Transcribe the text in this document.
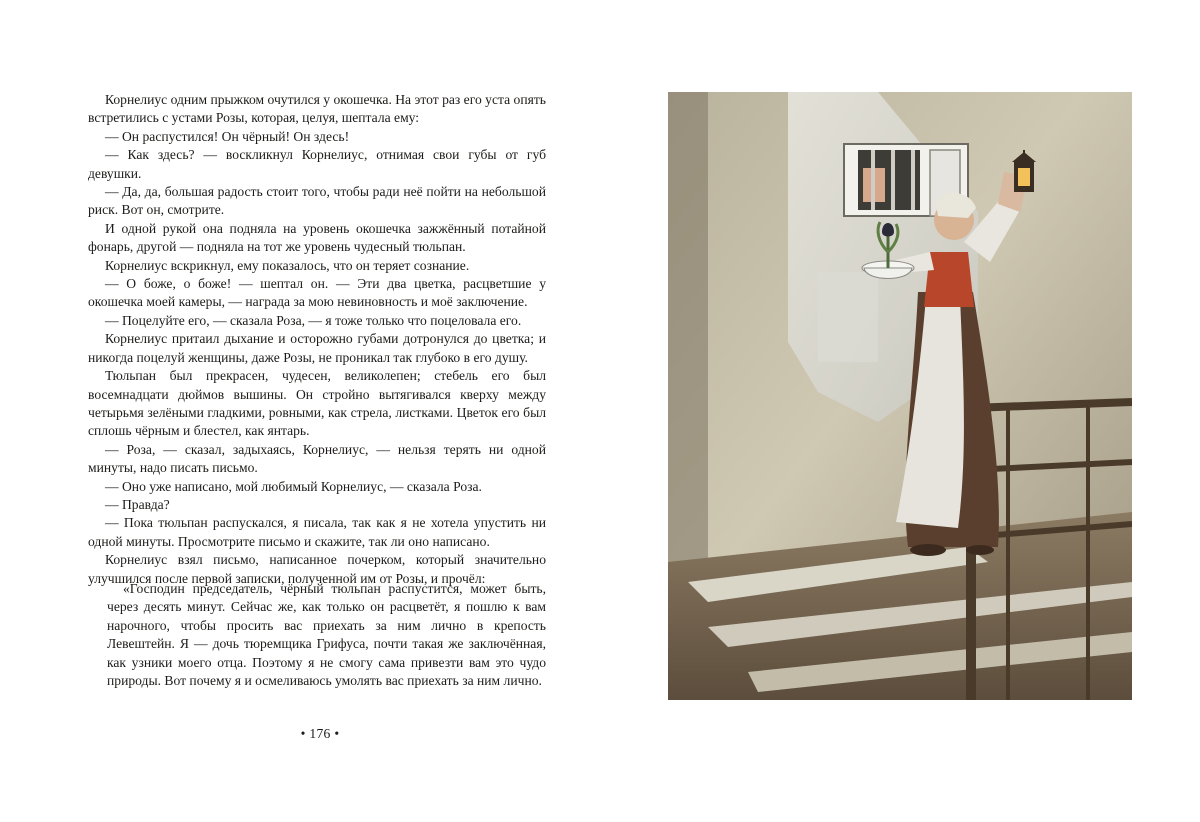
Корнелиус одним прыжком очутился у окошечка. На этот раз его уста опять встретились с устами Розы, которая, целуя, шептала ему:

— Он распустился! Он чёрный! Он здесь!

— Как здесь? — воскликнул Корнелиус, отнимая свои губы от губ девушки.

— Да, да, большая радость стоит того, чтобы ради неё пойти на небольшой риск. Вот он, смотрите.

И одной рукой она подняла на уровень окошечка зажжённый потайной фонарь, другой — подняла на тот же уровень чудесный тюльпан.

Корнелиус вскрикнул, ему показалось, что он теряет сознание.

— О боже, о боже! — шептал он. — Эти два цветка, расцветшие у окошечка моей камеры, — награда за мою невиновность и моё заключение.

— Поцелуйте его, — сказала Роза, — я тоже только что поцеловала его.

Корнелиус притаил дыхание и осторожно губами дотронулся до цветка; и никогда поцелуй женщины, даже Розы, не проникал так глубоко в его душу.

Тюльпан был прекрасен, чудесен, великолепен; стебель его был восемнадцати дюймов вышины. Он стройно вытягивался кверху между четырьмя зелёными гладкими, ровными, как стрела, листками. Цветок его был сплошь чёрным и блестел, как янтарь.

— Роза, — сказал, задыхаясь, Корнелиус, — нельзя терять ни одной минуты, надо писать письмо.

— Оно уже написано, мой любимый Корнелиус, — сказала Роза.

— Правда?

— Пока тюльпан распускался, я писала, так как я не хотела упустить ни одной минуты. Просмотрите письмо и скажите, так ли оно написано.

Корнелиус взял письмо, написанное почерком, который значительно улучшился после первой записки, полученной им от Розы, и прочёл:

«Господин председатель, чёрный тюльпан распустится, может быть, через десять минут. Сейчас же, как только он расцветёт, я пошлю к вам нарочного, чтобы просить вас приехать за ним лично в крепость Левештейн. Я — дочь тюремщика Грифуса, почти такая же заключённая, как узники моего отца. Поэтому я не смогу сама привезти вам это чудо природы. Вот почему я и осмеливаюсь умолять вас приехать за ним лично.

• 176 •
